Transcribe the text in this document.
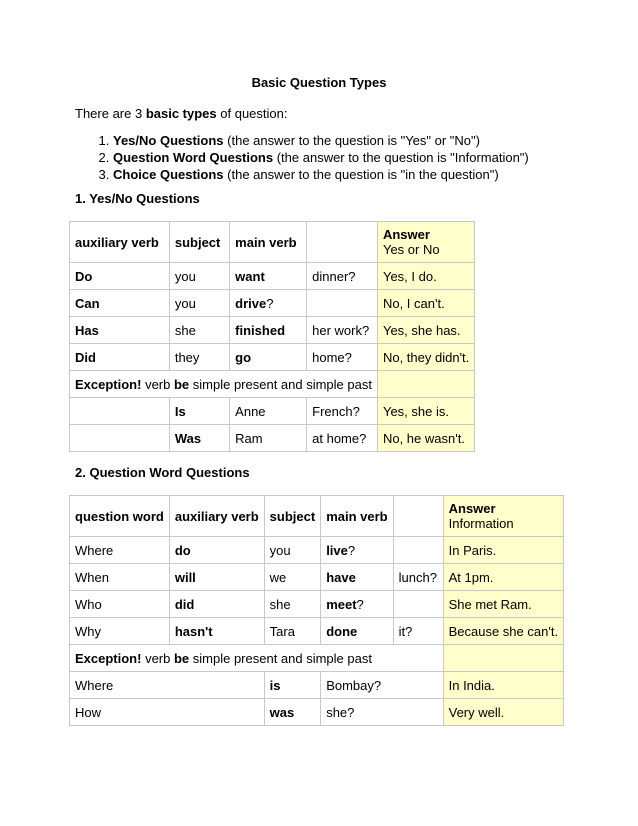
Basic Question Types
There are 3 basic types of question:
1. Yes/No Questions (the answer to the question is "Yes" or "No")
2. Question Word Questions (the answer to the question is "Information")
3. Choice Questions (the answer to the question is "in the question")
1. Yes/No Questions
auxiliary verb	subject	main verb		Answer
Yes or No

Do	you	want	dinner?	Yes, I do.
Can	you	drive?		No, I can't.
Has	she	finished	her work?	Yes, she has.
Did	they	go	home?	No, they didn't.
Exception! verb be simple present and simple past				
	Is	Anne	French?	Yes, she is.
	Was	Ram	at home?	No, he wasn't.
2. Question Word Questions
question word	auxiliary verb	subject	main verb		Answer
Information

Where	do	you	live?		In Paris.
When	will	we	have	lunch?	At 1pm.
Who	did	she	meet?		She met Ram.
Why	hasn't	Tara	done	it?	Because she can't.
Exception! verb be simple present and simple past					
Where		is	Bombay?		In India.
How		was	she?		Very well.
